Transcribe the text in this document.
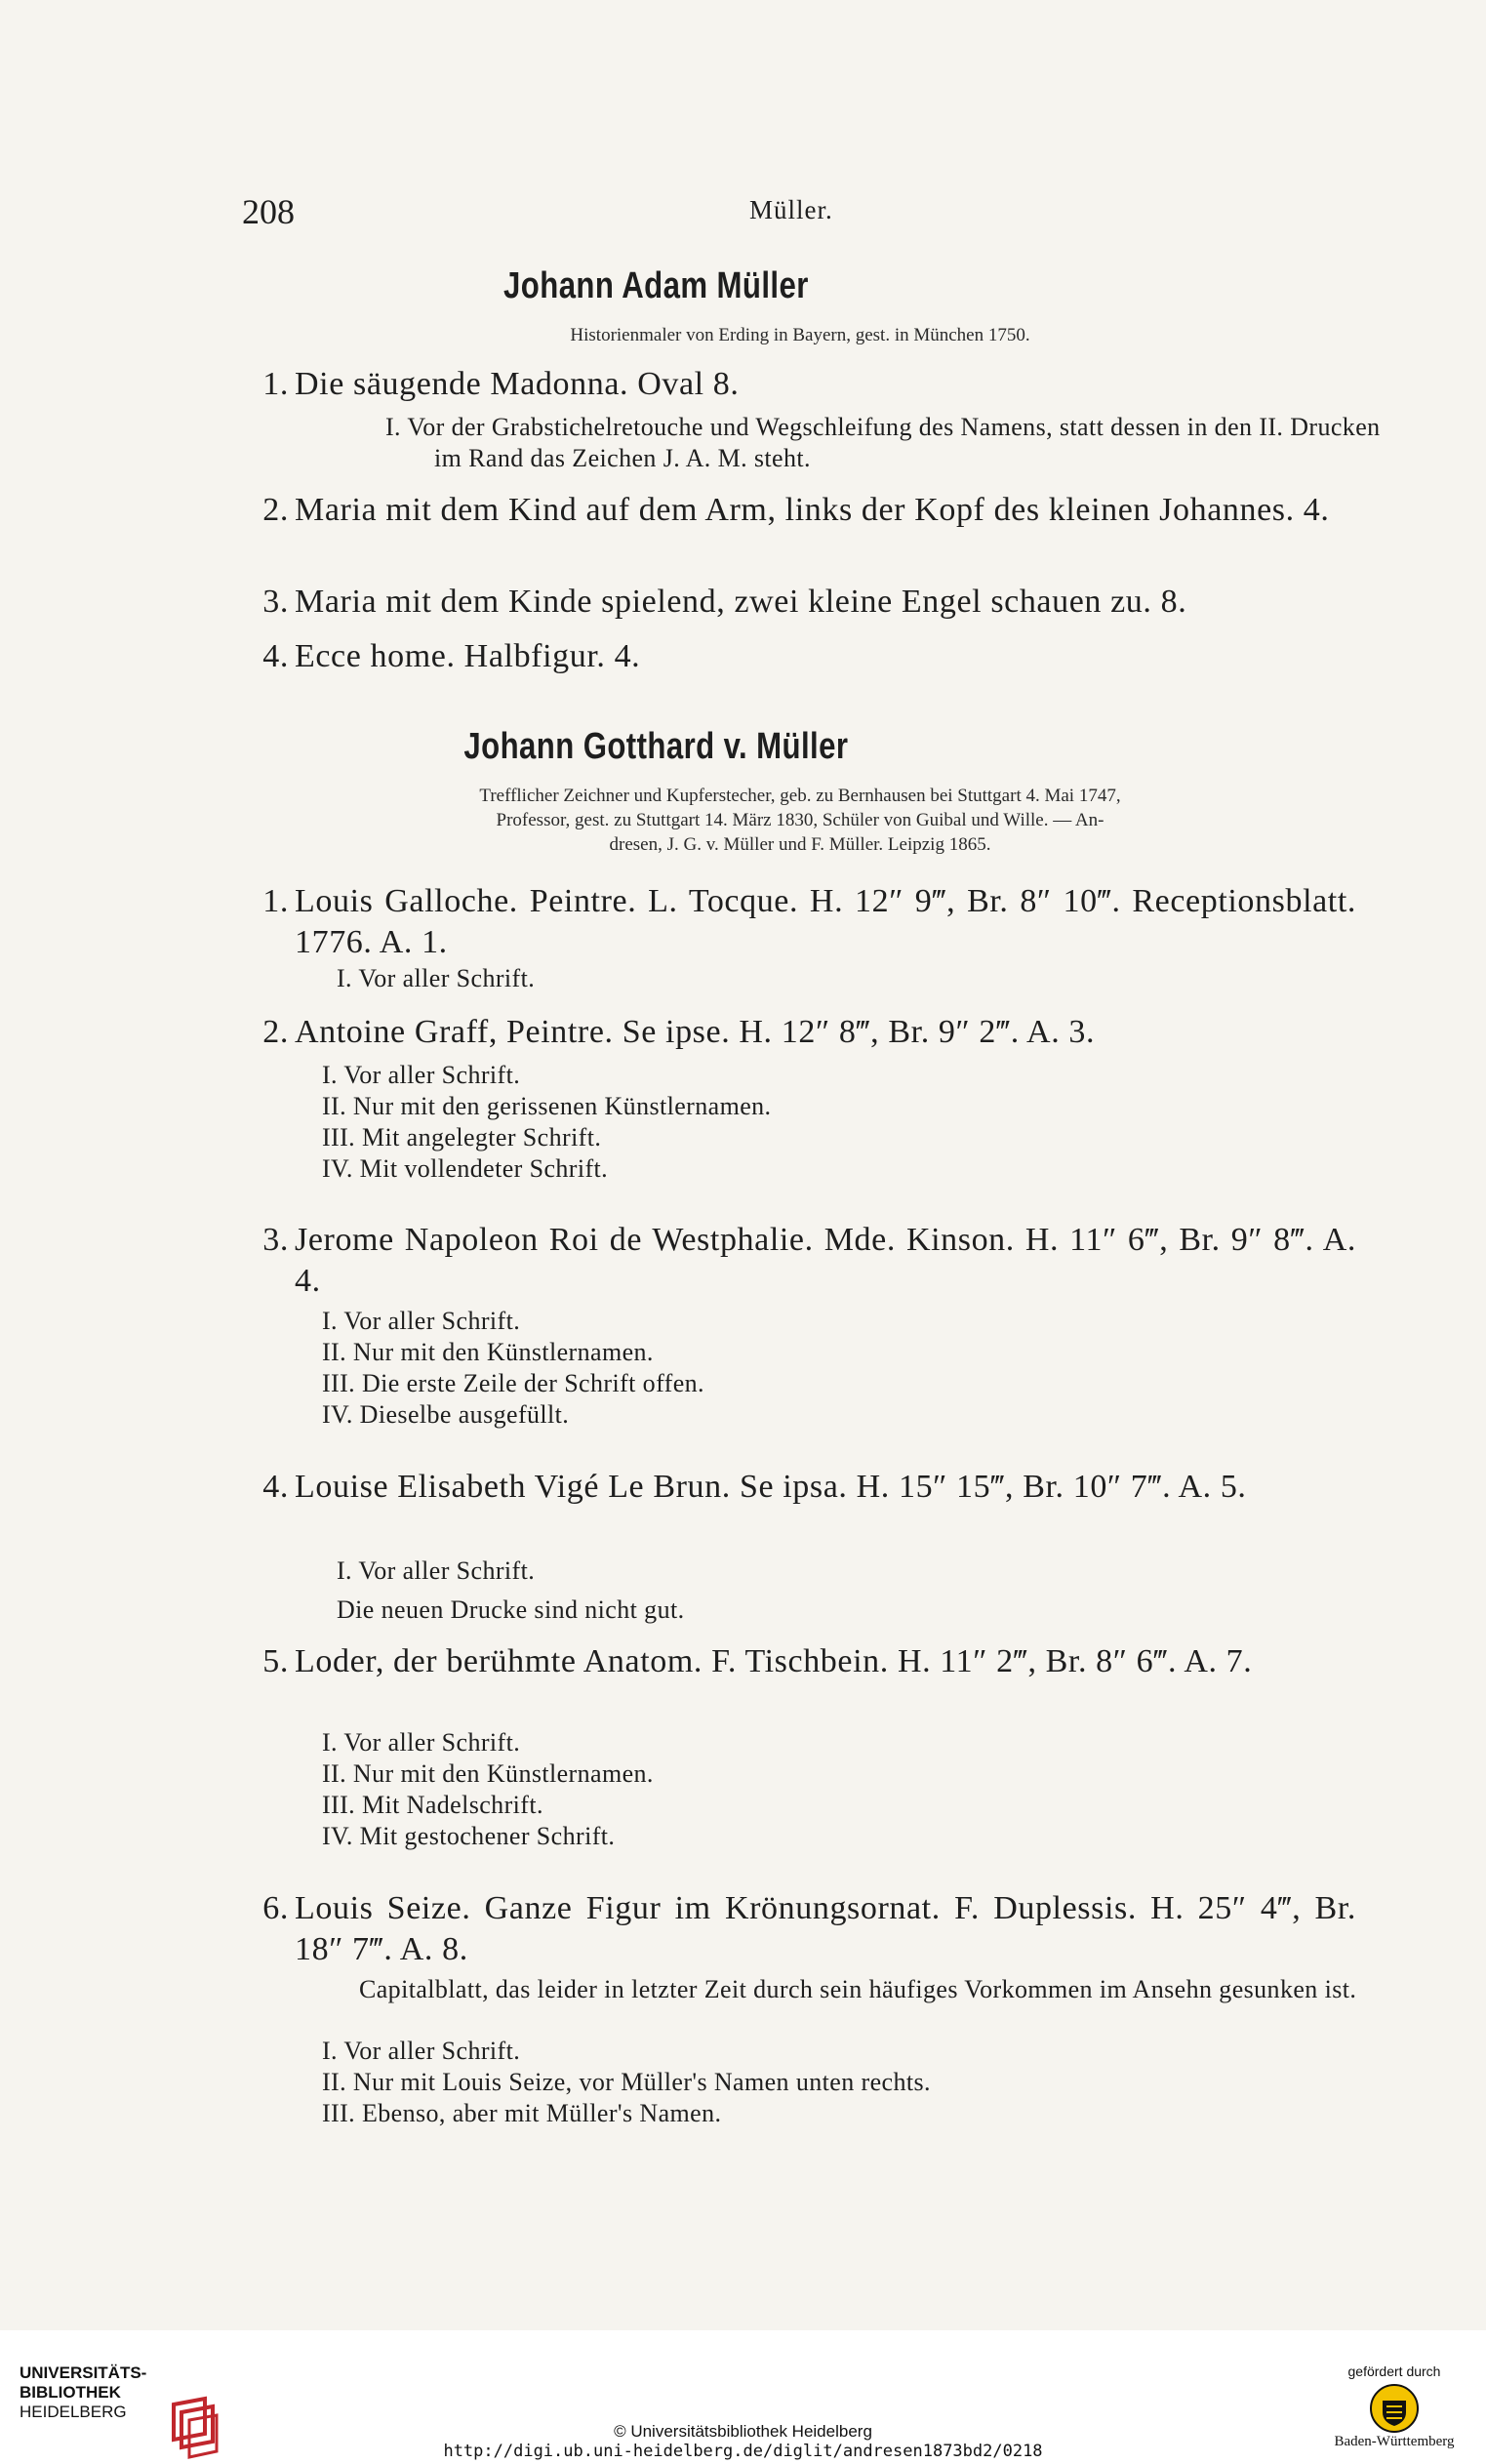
208	Müller.
Johann Adam Müller
Historienmaler von Erding in Bayern, gest. in München 1750.
1. Die säugende Madonna. Oval 8.
I. Vor der Grabstichelretouche und Wegschleifung des Namens, statt dessen in den II. Drucken im Rand das Zeichen J. A. M. steht.
2. Maria mit dem Kind auf dem Arm, links der Kopf des kleinen Johannes. 4.
3. Maria mit dem Kinde spielend, zwei kleine Engel schauen zu. 8.
4. Ecce home. Halbfigur. 4.
Johann Gotthard v. Müller
Trefflicher Zeichner und Kupferstecher, geb. zu Bernhausen bei Stuttgart 4. Mai 1747,
Professor, gest. zu Stuttgart 14. März 1830, Schüler von Guibal und Wille. — An-
dresen, J. G. v. Müller und F. Müller. Leipzig 1865.
1. Louis Galloche. Peintre. L. Tocque. H. 12″ 9‴, Br. 8″ 10‴. Receptionsblatt. 1776. A. 1.
I. Vor aller Schrift.
2. Antoine Graff, Peintre. Se ipse. H. 12″ 8‴, Br. 9″ 2‴. A. 3.
I. Vor aller Schrift.
II. Nur mit den gerissenen Künstlernamen.
III. Mit angelegter Schrift.
IV. Mit vollendeter Schrift.
3. Jerome Napoleon Roi de Westphalie. Mde. Kinson. H. 11″ 6‴, Br. 9″ 8‴. A. 4.
I. Vor aller Schrift.
II. Nur mit den Künstlernamen.
III. Die erste Zeile der Schrift offen.
IV. Dieselbe ausgefüllt.
4. Louise Elisabeth Vigé Le Brun. Se ipsa. H. 15″ 15‴, Br. 10″ 7‴. A. 5.
I. Vor aller Schrift.
Die neuen Drucke sind nicht gut.
5. Loder, der berühmte Anatom. F. Tischbein. H. 11″ 2‴, Br. 8″ 6‴. A. 7.
I. Vor aller Schrift.
II. Nur mit den Künstlernamen.
III. Mit Nadelschrift.
IV. Mit gestochener Schrift.
6. Louis Seize. Ganze Figur im Krönungsornat. F. Duplessis. H. 25″ 4‴, Br. 18″ 7‴. A. 8.
Capitalblatt, das leider in letzter Zeit durch sein häufiges Vorkommen im Ansehn gesunken ist.
I. Vor aller Schrift.
II. Nur mit Louis Seize, vor Müller's Namen unten rechts.
III. Ebenso, aber mit Müller's Namen.
UNIVERSITÄTS-
BIBLIOTHEK
HEIDELBERG
© Universitätsbibliothek Heidelberg
http://digi.ub.uni-heidelberg.de/diglit/andresen1873bd2/0218
gefördert durch
Baden-Württemberg
